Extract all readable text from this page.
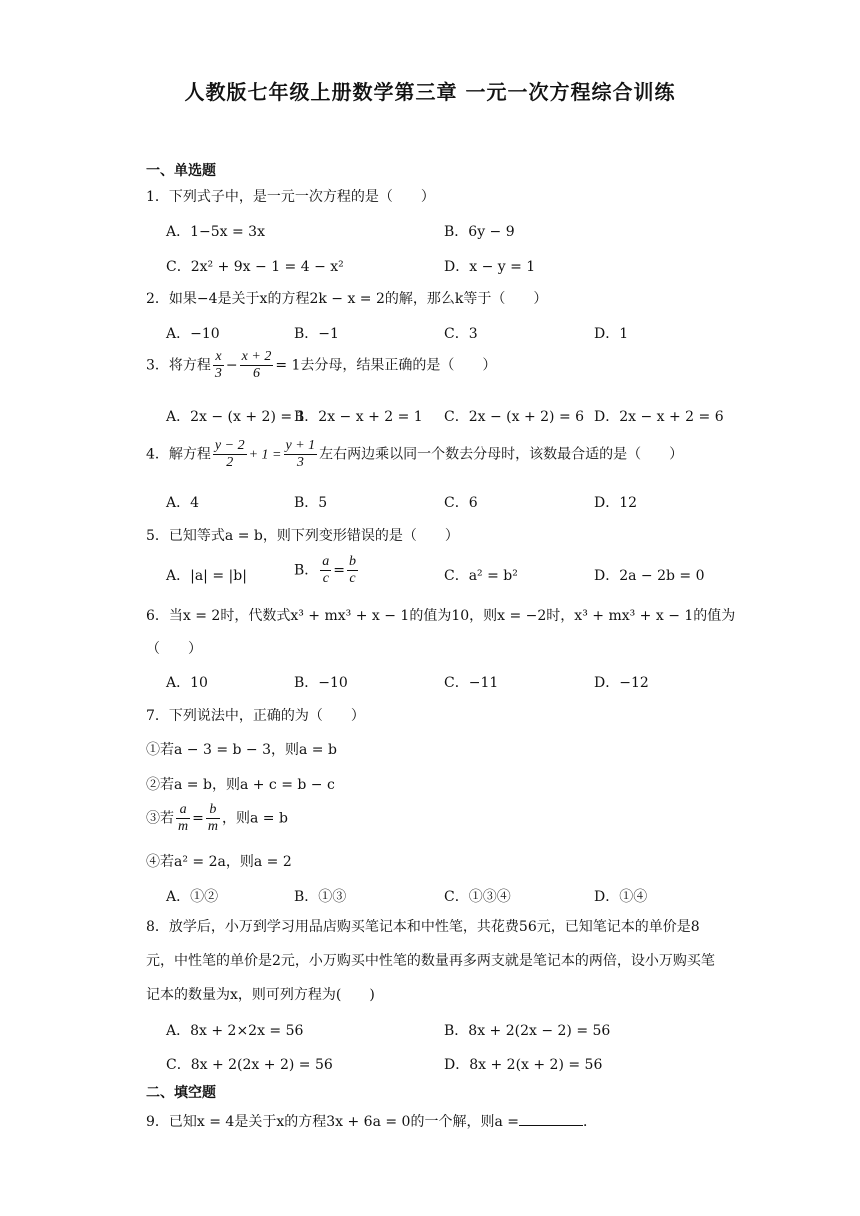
人教版七年级上册数学第三章 一元一次方程综合训练
一、单选题
1．下列式子中，是一元一次方程的是（　　）
A．1−5x = 3x	B．6y − 9
C．2x² + 9x − 1 = 4 − x²	D．x − y = 1
2．如果−4是关于x的方程2k − x = 2的解，那么k等于（　　）
A．−10	B．−1	C．3	D．1
3．将方程 $\frac{x}{3} - \frac{x + 2}{6} = 1$去分母，结果正确的是（　　）
A．2x − (x + 2) = 1
B．2x − x + 2 = 1 C．2x − (x + 2) = 6 D．2x − x + 2 = 6
4．解方程 $\frac{y - 2}{2} + 1 = \frac{y + 1}{3}$ 左右两边乘以同一个数去分母时，该数最合适的是（　　）
A．4	B．5	C．6	D．12
5．已知等式a = b，则下列变形错误的是（　　）
A．|a| = |b|	B． $\frac{a}{c} = \frac{b}{c}$	C．a² = b²	D．2a − 2b = 0
6．当x = 2时，代数式x³ + mx³ + x − 1的值为10，则x = −2时，x³ + mx³ + x − 1的值为
（　　）
A．10	B．−10	C．−11	D．−12
7．下列说法中，正确的为（　　）
①若a − 3 = b − 3，则a = b
②若a = b，则a + c = b − c
③若 $\frac{a}{m} = \frac{b}{m}$ ，则a = b
④若a² = 2a，则a = 2
A．①②	B．①③	C．①③④	D．①④
8．放学后，小万到学习用品店购买笔记本和中性笔，共花费56元，已知笔记本的单价是8元，中性笔的单价是2元，小万购买中性笔的数量再多两支就是笔记本的两倍，设小万购买笔记本的数量为x，则可列方程为(　　)
A．8x + 2×2x = 56	B．8x + 2(2x − 2) = 56
C．8x + 2(2x + 2) = 56	D．8x + 2(x + 2) = 56
二、填空题
9．已知x = 4是关于x的方程3x + 6a = 0的一个解，则a =	．
